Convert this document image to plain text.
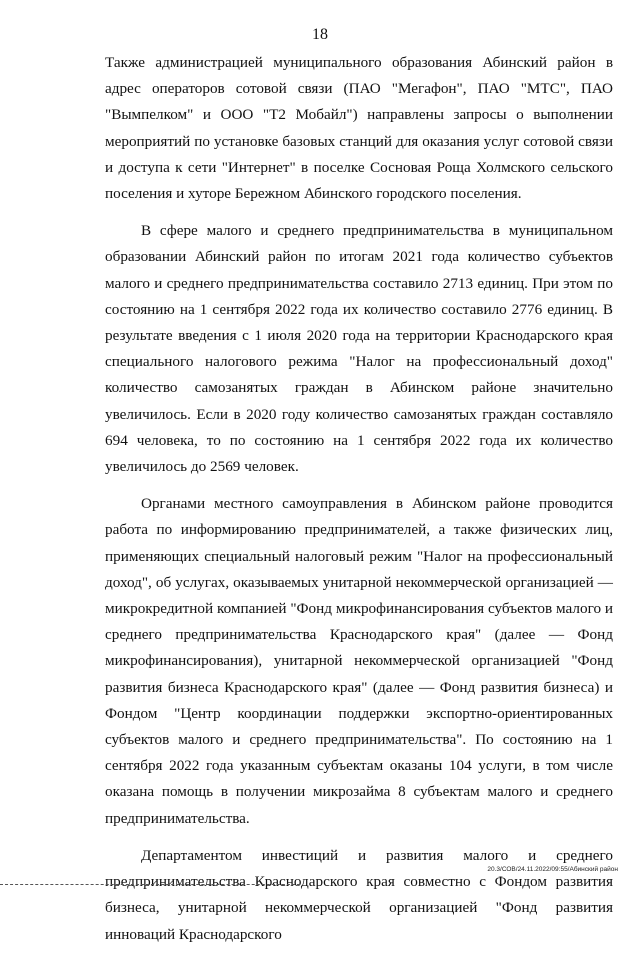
18

Также администрацией муниципального образования Абинский район в адрес операторов сотовой связи (ПАО "Мегафон", ПАО "МТС", ПАО "Вымпелком" и ООО "Т2 Мобайл") направлены запросы о выполнении мероприятий по установке базовых станций для оказания услуг сотовой связи и доступа к сети "Интернет" в поселке Сосновая Роща Холмского сельского поселения и хуторе Бережном Абинского городского поселения.

В сфере малого и среднего предпринимательства в муниципальном образовании Абинский район по итогам 2021 года количество субъектов малого и среднего предпринимательства составило 2713 единиц. При этом по состоянию на 1 сентября 2022 года их количество составило 2776 единиц. В результате введения с 1 июля 2020 года на территории Краснодарского края специального налогового режима "Налог на профессиональный доход" количество самозанятых граждан в Абинском районе значительно увеличилось. Если в 2020 году количество самозанятых граждан составляло 694 человека, то по состоянию на 1 сентября 2022 года их количество увеличилось до 2569 человек.

Органами местного самоуправления в Абинском районе проводится работа по информированию предпринимателей, а также физических лиц, применяющих специальный налоговый режим "Налог на профессиональный доход", об услугах, оказываемых унитарной некоммерческой организацией — микрокредитной компанией "Фонд микрофинансирования субъектов малого и среднего предпринимательства Краснодарского края" (далее — Фонд микрофинансирования), унитарной некоммерческой организацией "Фонд развития бизнеса Краснодарского края" (далее — Фонд развития бизнеса) и Фондом "Центр координации поддержки экспортно-ориентированных субъектов малого и среднего предпринимательства". По состоянию на 1 сентября 2022 года указанным субъектам оказаны 104 услуги, в том числе оказана помощь в получении микрозайма 8 субъектам малого и среднего предпринимательства.

Департаментом инвестиций и развития малого и среднего предпринимательства Краснодарского края совместно с Фондом развития бизнеса, унитарной некоммерческой организацией "Фонд развития инноваций Краснодарского

20.3/СОВ/24.11.2022/09:55/Абинский район
